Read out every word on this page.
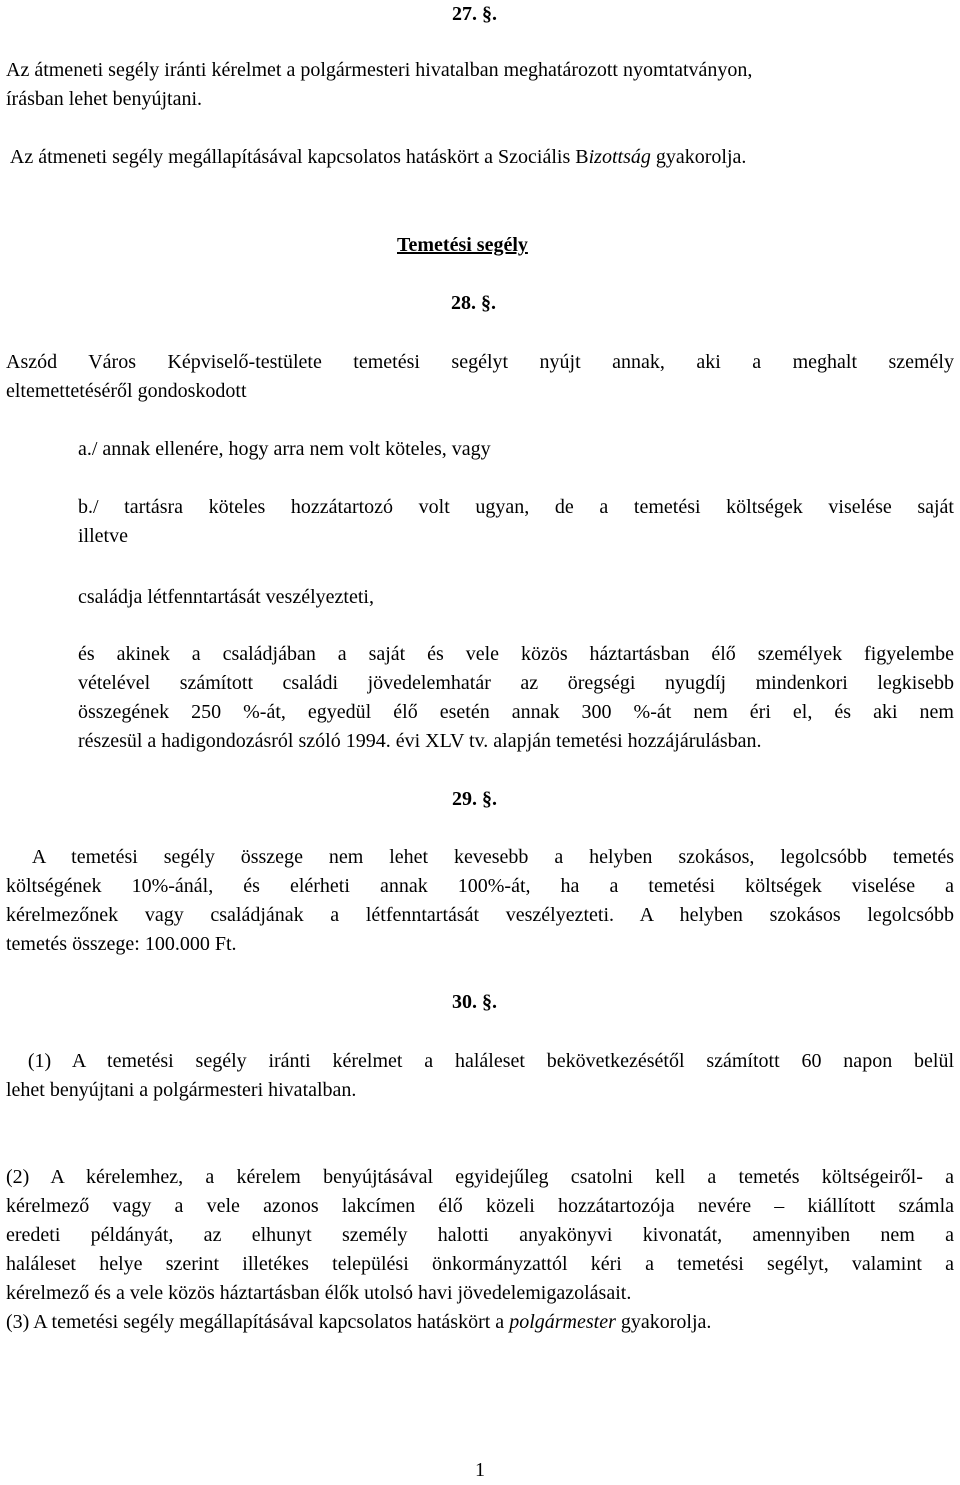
27. §.

Az átmeneti segély iránti kérelmet a polgármesteri hivatalban meghatározott nyomtatványon,
írásban lehet benyújtani.

Az átmeneti segély megállapításával kapcsolatos hatáskört a Szociális Bizottság gyakorolja.

Temetési segély
28. §.

Aszód Város Képviselő-testülete temetési segélyt nyújt annak, aki a meghalt személy
eltemettetéséről gondoskodott

a./ annak ellenére, hogy arra nem volt köteles, vagy

b./ tartásra köteles hozzátartozó volt ugyan, de a temetési költségek viselése saját
illetve

családja létfenntartását veszélyezteti,

és akinek a családjában a saját és vele közös háztartásban élő személyek figyelembe
vételével számított családi jövedelemhatár az öregségi nyugdíj mindenkori legkisebb
összegének 250 %-át, egyedül élő esetén annak 300 %-át nem éri el, és aki nem
részesül a hadigondozásról szóló 1994. évi XLV tv. alapján temetési hozzájárulásban.

29. §.

A temetési segély összege nem lehet kevesebb a helyben szokásos, legolcsóbb temetés
költségének 10%-ánál, és elérheti annak 100%-át, ha a temetési költségek viselése a
kérelmezőnek vagy családjának a létfenntartását veszélyezteti. A helyben szokásos legolcsóbb
temetés összege: 100.000 Ft.

30. §.

(1) A temetési segély iránti kérelmet a haláleset bekövetkezésétől számított 60 napon belül
lehet benyújtani a polgármesteri hivatalban.

(2) A kérelemhez, a kérelem benyújtásával egyidejűleg csatolni kell a temetés költségeiről- a
kérelmező vagy a vele azonos lakcímen élő közeli hozzátartozója nevére – kiállított számla
eredeti példányát, az elhunyt személy halotti anyakönyvi kivonatát, amennyiben nem a
haláleset helye szerint illetékes települési önkormányzattól kéri a temetési segélyt, valamint a
kérelmező és a vele közös háztartásban élők utolsó havi jövedelemigazolásait.

(3) A temetési segély megállapításával kapcsolatos hatáskört a polgármester gyakorolja.

1
